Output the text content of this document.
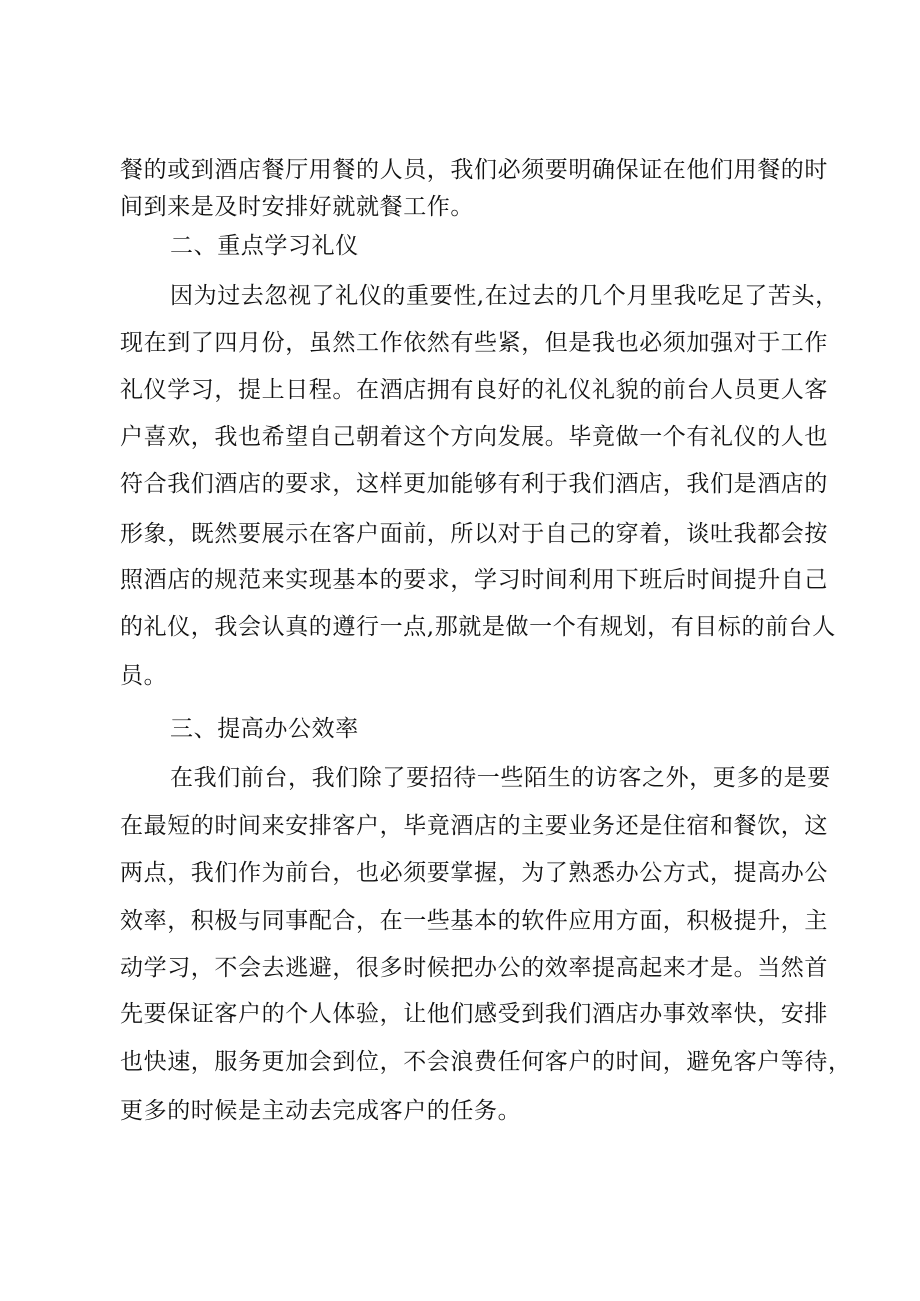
餐的或到酒店餐厅用餐的人员，我们必须要明确保证在他们用餐的时
间到来是及时安排好就就餐工作。
二、重点学习礼仪
因为过去忽视了礼仪的重要性,在过去的几个月里我吃足了苦头，
现在到了四月份，虽然工作依然有些紧，但是我也必须加强对于工作
礼仪学习，提上日程。在酒店拥有良好的礼仪礼貌的前台人员更人客
户喜欢，我也希望自己朝着这个方向发展。毕竟做一个有礼仪的人也
符合我们酒店的要求，这样更加能够有利于我们酒店，我们是酒店的
形象，既然要展示在客户面前，所以对于自己的穿着，谈吐我都会按
照酒店的规范来实现基本的要求，学习时间利用下班后时间提升自己
的礼仪，我会认真的遵行一点,那就是做一个有规划，有目标的前台人
员。
三、提高办公效率
在我们前台，我们除了要招待一些陌生的访客之外，更多的是要
在最短的时间来安排客户，毕竟酒店的主要业务还是住宿和餐饮，这
两点，我们作为前台，也必须要掌握，为了熟悉办公方式，提高办公
效率，积极与同事配合，在一些基本的软件应用方面，积极提升，主
动学习，不会去逃避，很多时候把办公的效率提高起来才是。当然首
先要保证客户的个人体验，让他们感受到我们酒店办事效率快，安排
也快速，服务更加会到位，不会浪费任何客户的时间，避免客户等待，
更多的时候是主动去完成客户的任务。
